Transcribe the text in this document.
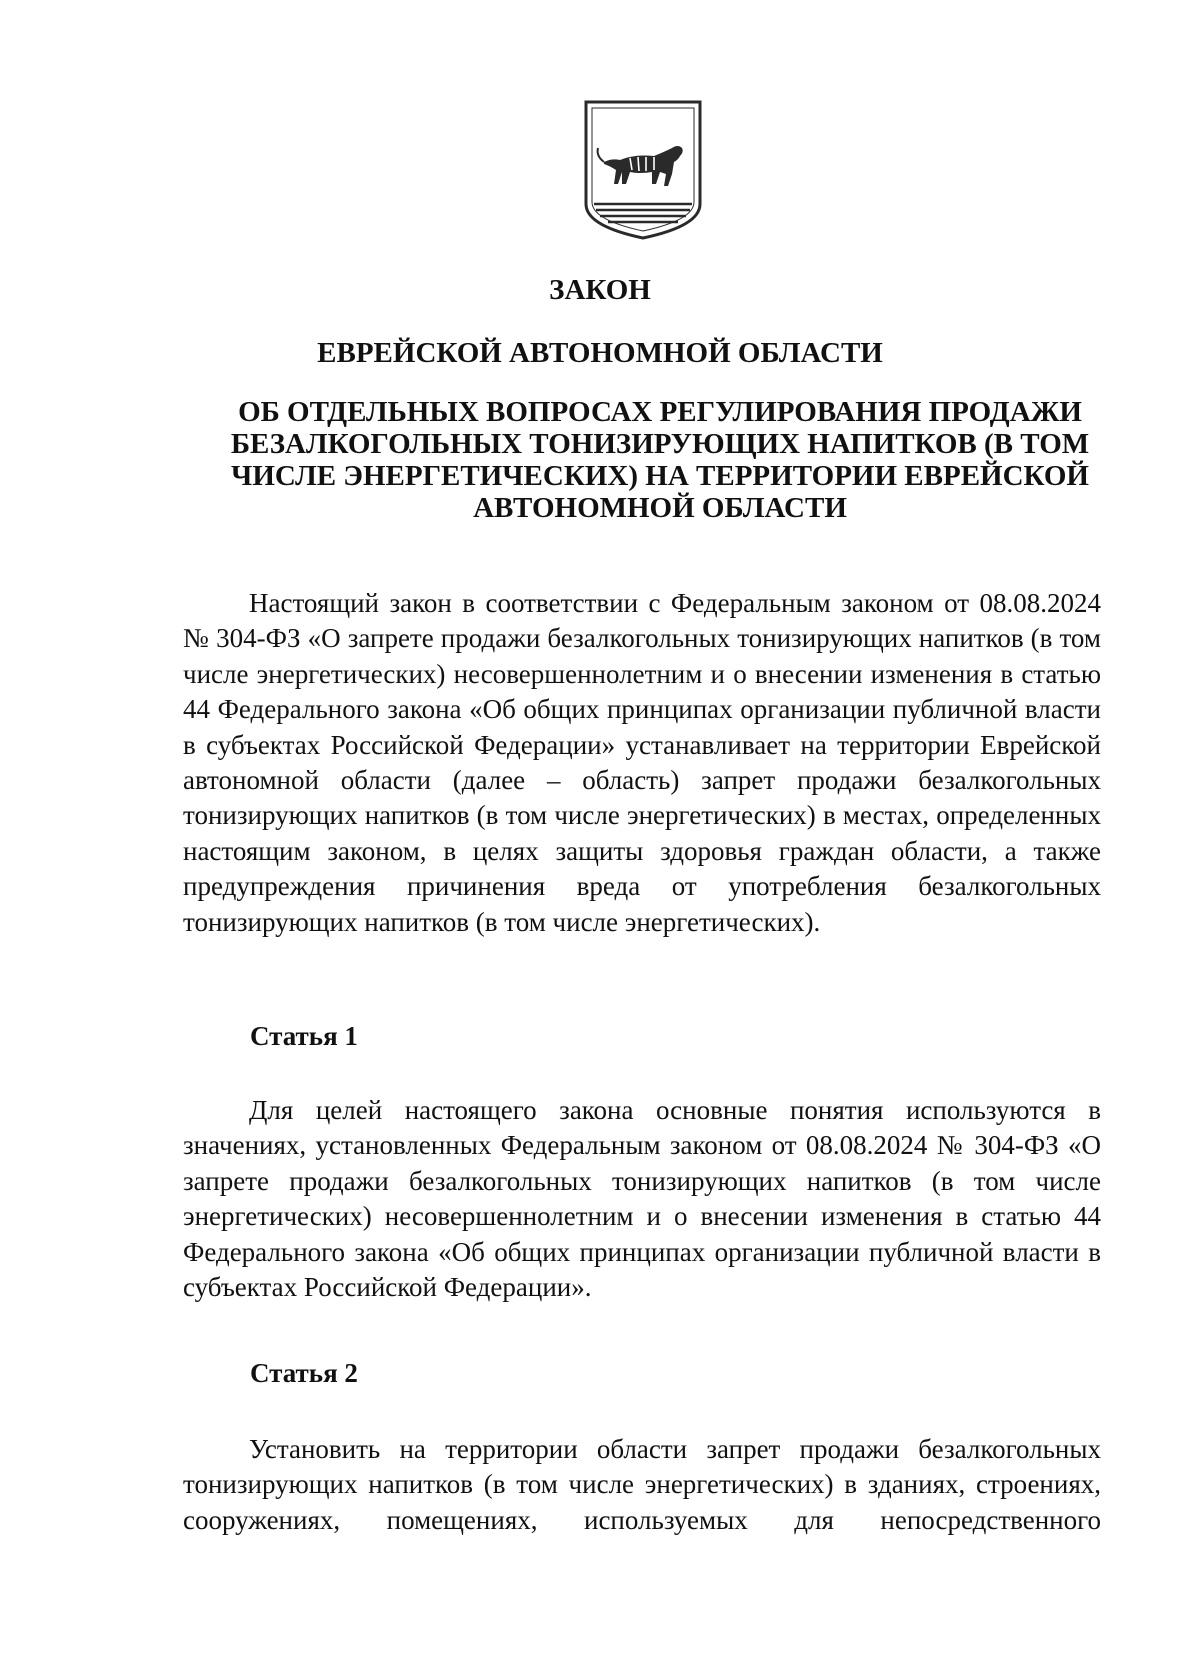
ЗАКОН
ЕВРЕЙСКОЙ АВТОНОМНОЙ ОБЛАСТИ
ОБ ОТДЕЛЬНЫХ ВОПРОСАХ РЕГУЛИРОВАНИЯ ПРОДАЖИ БЕЗАЛКОГОЛЬНЫХ ТОНИЗИРУЮЩИХ НАПИТКОВ (В ТОМ ЧИСЛЕ ЭНЕРГЕТИЧЕСКИХ) НА ТЕРРИТОРИИ ЕВРЕЙСКОЙ АВТОНОМНОЙ ОБЛАСТИ

Настоящий закон в соответствии с Федеральным законом от 08.08.2024 № 304-ФЗ «О запрете продажи безалкогольных тонизирующих напитков (в том числе энергетических) несовершеннолетним и о внесении изменения в статью 44 Федерального закона «Об общих принципах организации публичной власти в субъектах Российской Федерации» устанавливает на территории Еврейской автономной области (далее – область) запрет продажи безалкогольных тонизирующих напитков (в том числе энергетических) в местах, определенных настоящим законом, в целях защиты здоровья граждан области, а также предупреждения причинения вреда от употребления безалкогольных тонизирующих напитков (в том числе энергетических).

Статья 1

Для целей настоящего закона основные понятия используются в значениях, установленных Федеральным законом от 08.08.2024 № 304-ФЗ «О запрете продажи безалкогольных тонизирующих напитков (в том числе энергетических) несовершеннолетним и о внесении изменения в статью 44 Федерального закона «Об общих принципах организации публичной власти в субъектах Российской Федерации».

Статья 2

Установить на территории области запрет продажи безалкогольных тонизирующих напитков (в том числе энергетических) в зданиях, строениях, сооружениях, помещениях, используемых для непосредственного
